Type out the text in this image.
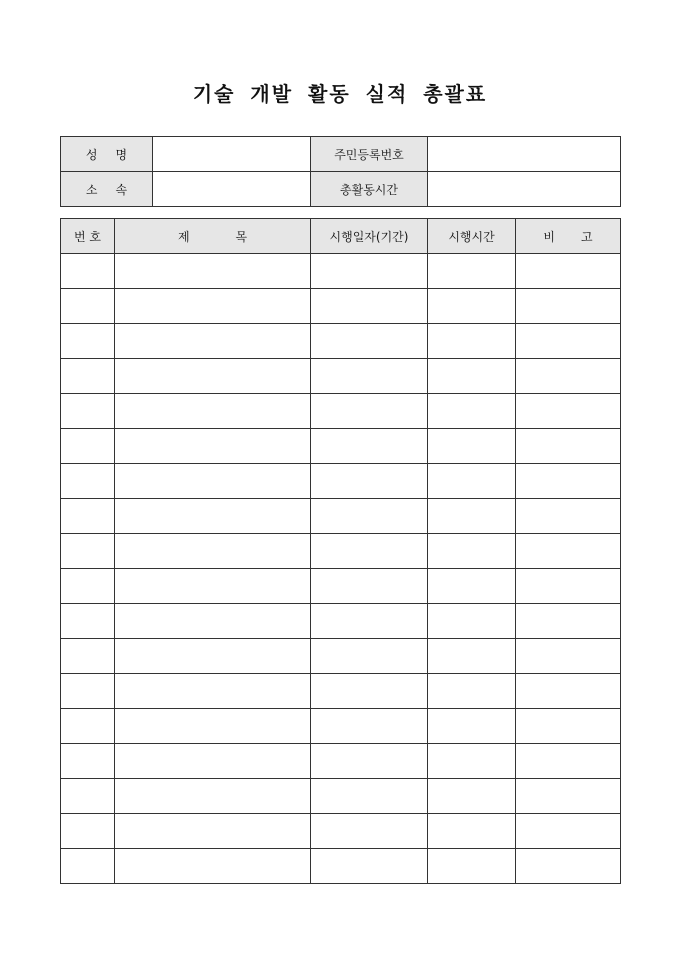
기술 개발 활동 실적 총괄표
성 명		주민등록번호	

소 속		총활동시간	
번 호	제 목	시행일자(기간)	시행시간	비 고
